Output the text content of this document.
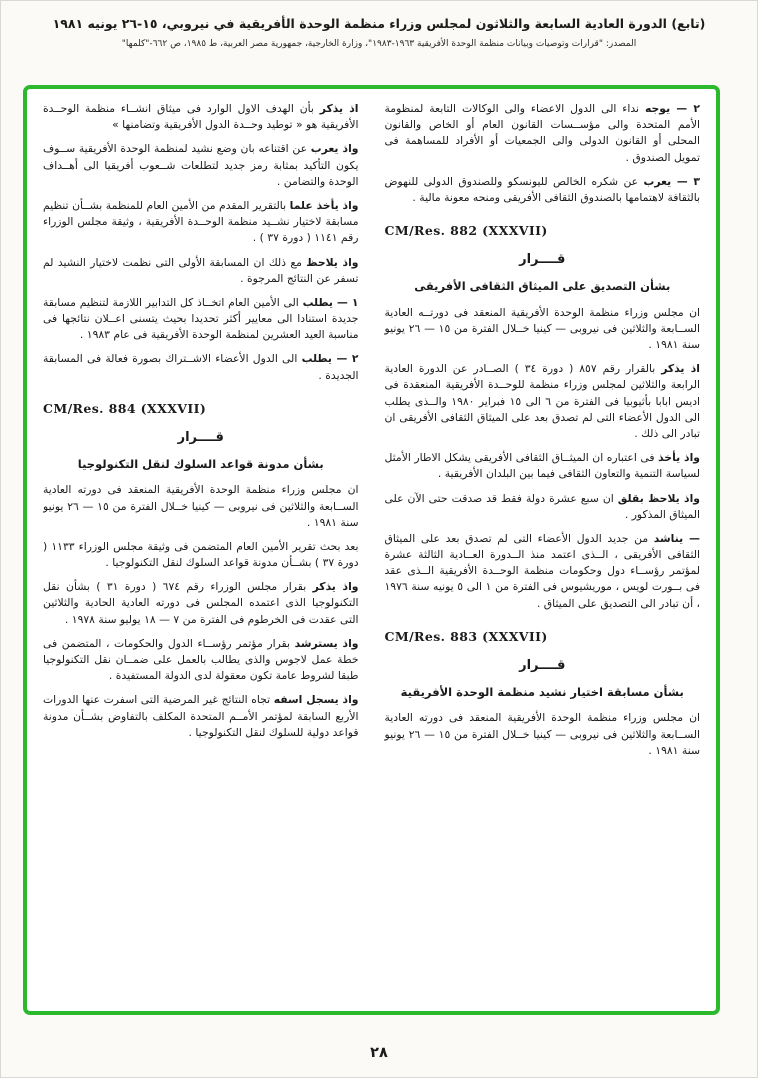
(تابع) الدورة العادية السابعة والثلاثون لمجلس وزراء منظمة الوحدة الأفريقية في نيروبي، ١٥-٢٦ يونيه ١٩٨١
المصدر: "قرارات وتوصيات وبيانات منظمة الوحدة الأفريقية ١٩٦٣-١٩٨٣"، وزارة الخارجية، جمهورية مصر العربية، ط ١٩٨٥، ص ٦٦٢-"كلمها"

٢ — يوجه نداء الى الدول الاعضاء والى الوكالات التابعة لمنظومة الأمم المتحدة والى مؤســسات القانون العام أو الخاص والقانون المحلى أو القانون الدولى والى الجمعيات أو الأفراد للمساهمة فى تمويل الصندوق .

٣ — يعرب عن شكره الخالص لليونسكو وللصندوق الدولى للنهوض بالثقافة لاهتمامها بالصندوق الثقافى الأفريقى ومنحه معونة مالية .

CM/Res. 882 (XXXVII)

قــــرار
بشأن التصديق على الميثاق الثقافى الأفريقى

ان مجلس وزراء منظمة الوحدة الأفريقية المنعقد فى دورتــه العادية الســابعة والثلاثين فى نيروبى — كينيا خــلال الفترة من ١٥ — ٢٦ يونيو سنة ١٩٨١ .

اذ يذكر بالقرار رقم ٨٥٧ ( دورة ٣٤ ) الصــادر عن الدورة العادية الرابعة والثلاثين لمجلس وزراء منظمة للوحــدة الأفريقية المنعقدة فى اديس ابابا بأثيوبيا فى الفترة من ٦ الى ١٥ فبراير ١٩٨٠ والــذى يطلب الى الدول الأعضاء التى لم تصدق بعد على الميثاق الثقافى الأفريقى ان تبادر الى ذلك .

واذ يأخذ فى اعتباره ان الميثــاق الثقافى الأفريقى يشكل الاطار الأمثل لسياسة التنمية والتعاون الثقافى فيما بين البلدان الأفريقية .

واذ يلاحظ بقلق ان سبع عشرة دولة فقط قد صدقت حتى الآن على الميثاق المذكور .

— يناشد من جديد الدول الأعضاء التى لم تصدق بعد على الميثاق الثقافى الأفريقى ، الــذى اعتمد منذ الــدورة العــادية الثالثة عشرة لمؤتمر رؤســاء دول وحكومات منظمة الوحــدة الأفريقية الــذى عقد فى بــورت لويس ، موريشيوس فى الفترة من ١ الى ٥ يونيه سنة ١٩٧٦ ، أن تبادر الى التصديق على الميثاق .

CM/Res. 883 (XXXVII)

قــــرار
بشأن مسابقة اختيار نشيد منظمة الوحدة الأفريقية

ان مجلس وزراء منظمة الوحدة الأفريقية المنعقد فى دورته العادية الســابعة والثلاثين فى نيروبى — كينيا خــلال الفترة من ١٥ — ٢٦ يونيو سنة ١٩٨١ .

اذ يذكر بأن الهدف الاول الوارد فى ميثاق انشــاء منظمة الوحــدة الأفريقية هو « توطيد وحــدة الدول الأفريقية وتضامنها »

واذ يعرب عن اقتناعه بان وضع نشيد لمنظمة الوحدة الأفريقية ســوف يكون التأكيد بمثابة رمز جديد لتطلعات شــعوب أفريقيا الى أهــداف الوحدة والتضامن .

واذ يأخذ علما بالتقرير المقدم من الأمين العام للمنظمة بشــأن تنظيم مسابقة لاختيار نشــيد منظمة الوحــدة الأفريقية ، وثيقة مجلس الوزراء رقم ١١٤١ ( دورة ٣٧ ) .

واذ يلاحظ مع ذلك ان المسابقة الأولى التى نظمت لاختيار النشيد لم تسفر عن النتائج المرجوة .

١ — يطلب الى الأمين العام اتخــاذ كل التدابير اللازمة لتنظيم مسابقة جديدة استنادا الى معايير أكثر تحديدا بحيث يتسنى اعــلان نتائجها فى مناسبة العيد العشرين لمنظمة الوحدة الأفريقية فى عام ١٩٨٣ .

٢ — يطلب الى الدول الأعضاء الاشــتراك بصورة فعالة فى المسابقة الجديدة .

CM/Res. 884 (XXXVII)

قــــرار
بشأن مدونة قواعد السلوك لنقل التكنولوجيا

ان مجلس وزراء منظمة الوحدة الأفريقية المنعقد فى دورته العادية الســابعة والثلاثين فى نيروبى — كينيا خــلال الفترة من ١٥ — ٢٦ يونيو سنة ١٩٨١ .

بعد بحث تقرير الأمين العام المتضمن فى وثيقة مجلس الوزراء ١١٣٣ ( دورة ٣٧ ) بشــأن مدونة قواعد السلوك لنقل التكنولوجيا .

واذ يذكر بقرار مجلس الوزراء رقم ٦٧٤ ( دورة ٣١ ) بشأن نقل التكنولوجيا الذى اعتمده المجلس فى دورته العادية الحادية والثلاثين التى عقدت فى الخرطوم فى الفترة من ٧ — ١٨ يوليو سنة ١٩٧٨ .

واذ يسترشد بقرار مؤتمر رؤســاء الدول والحكومات ، المتضمن فى خطة عمل لاجوس والذى يطالب بالعمل على ضمــان نقل التكنولوجيا طبقا لشروط عامة تكون معقولة لدى الدولة المستفيدة .

واذ يسجل اسفه تجاه النتائج غير المرضية التى اسفرت عنها الدورات الأربع السابقة لمؤتمر الأمــم المتحدة المكلف بالتفاوض بشــأن مدونة قواعد دولية للسلوك لنقل التكنولوجيا .

٢٨
